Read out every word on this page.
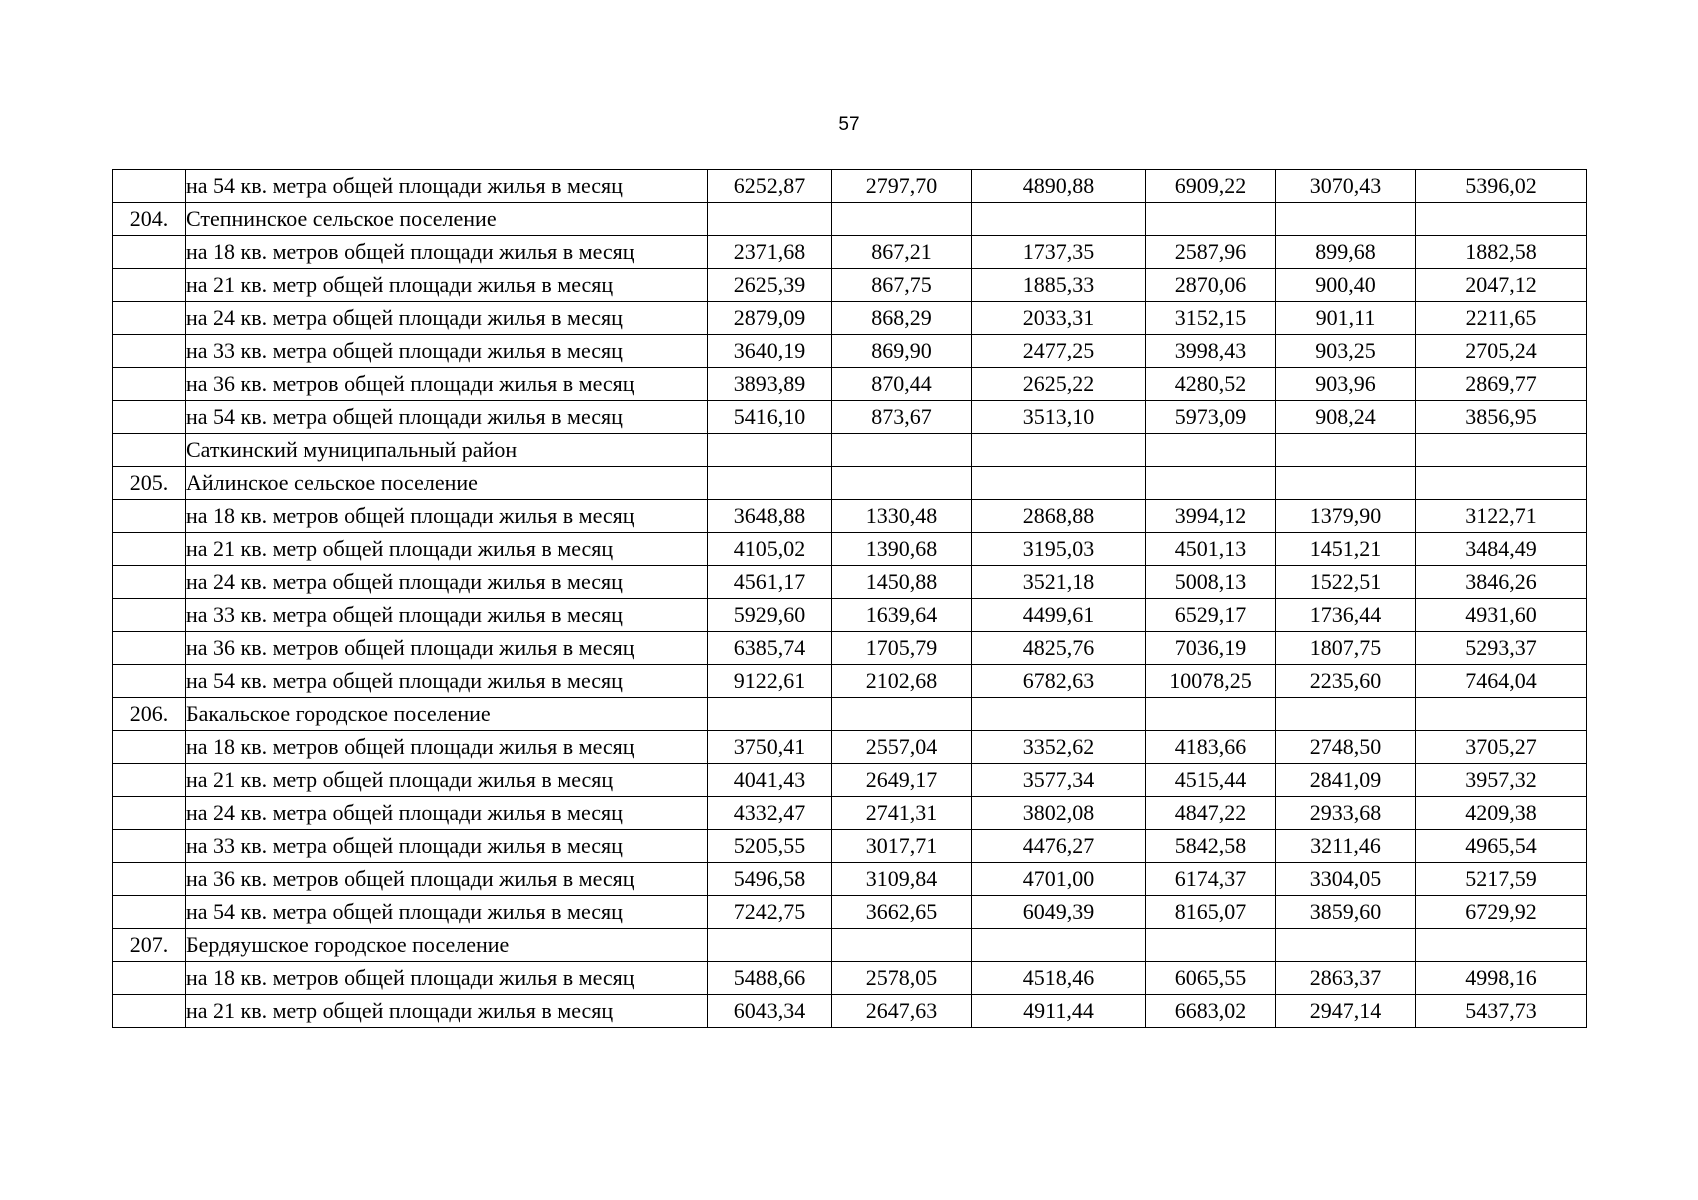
57
	на 54 кв. метра общей площади жилья в месяц	6252,87	2797,70	4890,88	6909,22	3070,43	5396,02
204.	Степнинское сельское поселение						
	на 18 кв. метров общей площади жилья в месяц	2371,68	867,21	1737,35	2587,96	899,68	1882,58
	на 21 кв. метр общей площади жилья в месяц	2625,39	867,75	1885,33	2870,06	900,40	2047,12
	на 24 кв. метра общей площади жилья в месяц	2879,09	868,29	2033,31	3152,15	901,11	2211,65
	на 33 кв. метра общей площади жилья в месяц	3640,19	869,90	2477,25	3998,43	903,25	2705,24
	на 36 кв. метров общей площади жилья в месяц	3893,89	870,44	2625,22	4280,52	903,96	2869,77
	на 54 кв. метра общей площади жилья в месяц	5416,10	873,67	3513,10	5973,09	908,24	3856,95
	Саткинский муниципальный район						
205.	Айлинское сельское поселение						
	на 18 кв. метров общей площади жилья в месяц	3648,88	1330,48	2868,88	3994,12	1379,90	3122,71
	на 21 кв. метр общей площади жилья в месяц	4105,02	1390,68	3195,03	4501,13	1451,21	3484,49
	на 24 кв. метра общей площади жилья в месяц	4561,17	1450,88	3521,18	5008,13	1522,51	3846,26
	на 33 кв. метра общей площади жилья в месяц	5929,60	1639,64	4499,61	6529,17	1736,44	4931,60
	на 36 кв. метров общей площади жилья в месяц	6385,74	1705,79	4825,76	7036,19	1807,75	5293,37
	на 54 кв. метра общей площади жилья в месяц	9122,61	2102,68	6782,63	10078,25	2235,60	7464,04
206.	Бакальское городское поселение						
	на 18 кв. метров общей площади жилья в месяц	3750,41	2557,04	3352,62	4183,66	2748,50	3705,27
	на 21 кв. метр общей площади жилья в месяц	4041,43	2649,17	3577,34	4515,44	2841,09	3957,32
	на 24 кв. метра общей площади жилья в месяц	4332,47	2741,31	3802,08	4847,22	2933,68	4209,38
	на 33 кв. метра общей площади жилья в месяц	5205,55	3017,71	4476,27	5842,58	3211,46	4965,54
	на 36 кв. метров общей площади жилья в месяц	5496,58	3109,84	4701,00	6174,37	3304,05	5217,59
	на 54 кв. метра общей площади жилья в месяц	7242,75	3662,65	6049,39	8165,07	3859,60	6729,92
207.	Бердяушское городское поселение						
	на 18 кв. метров общей площади жилья в месяц	5488,66	2578,05	4518,46	6065,55	2863,37	4998,16
	на 21 кв. метр общей площади жилья в месяц	6043,34	2647,63	4911,44	6683,02	2947,14	5437,73
